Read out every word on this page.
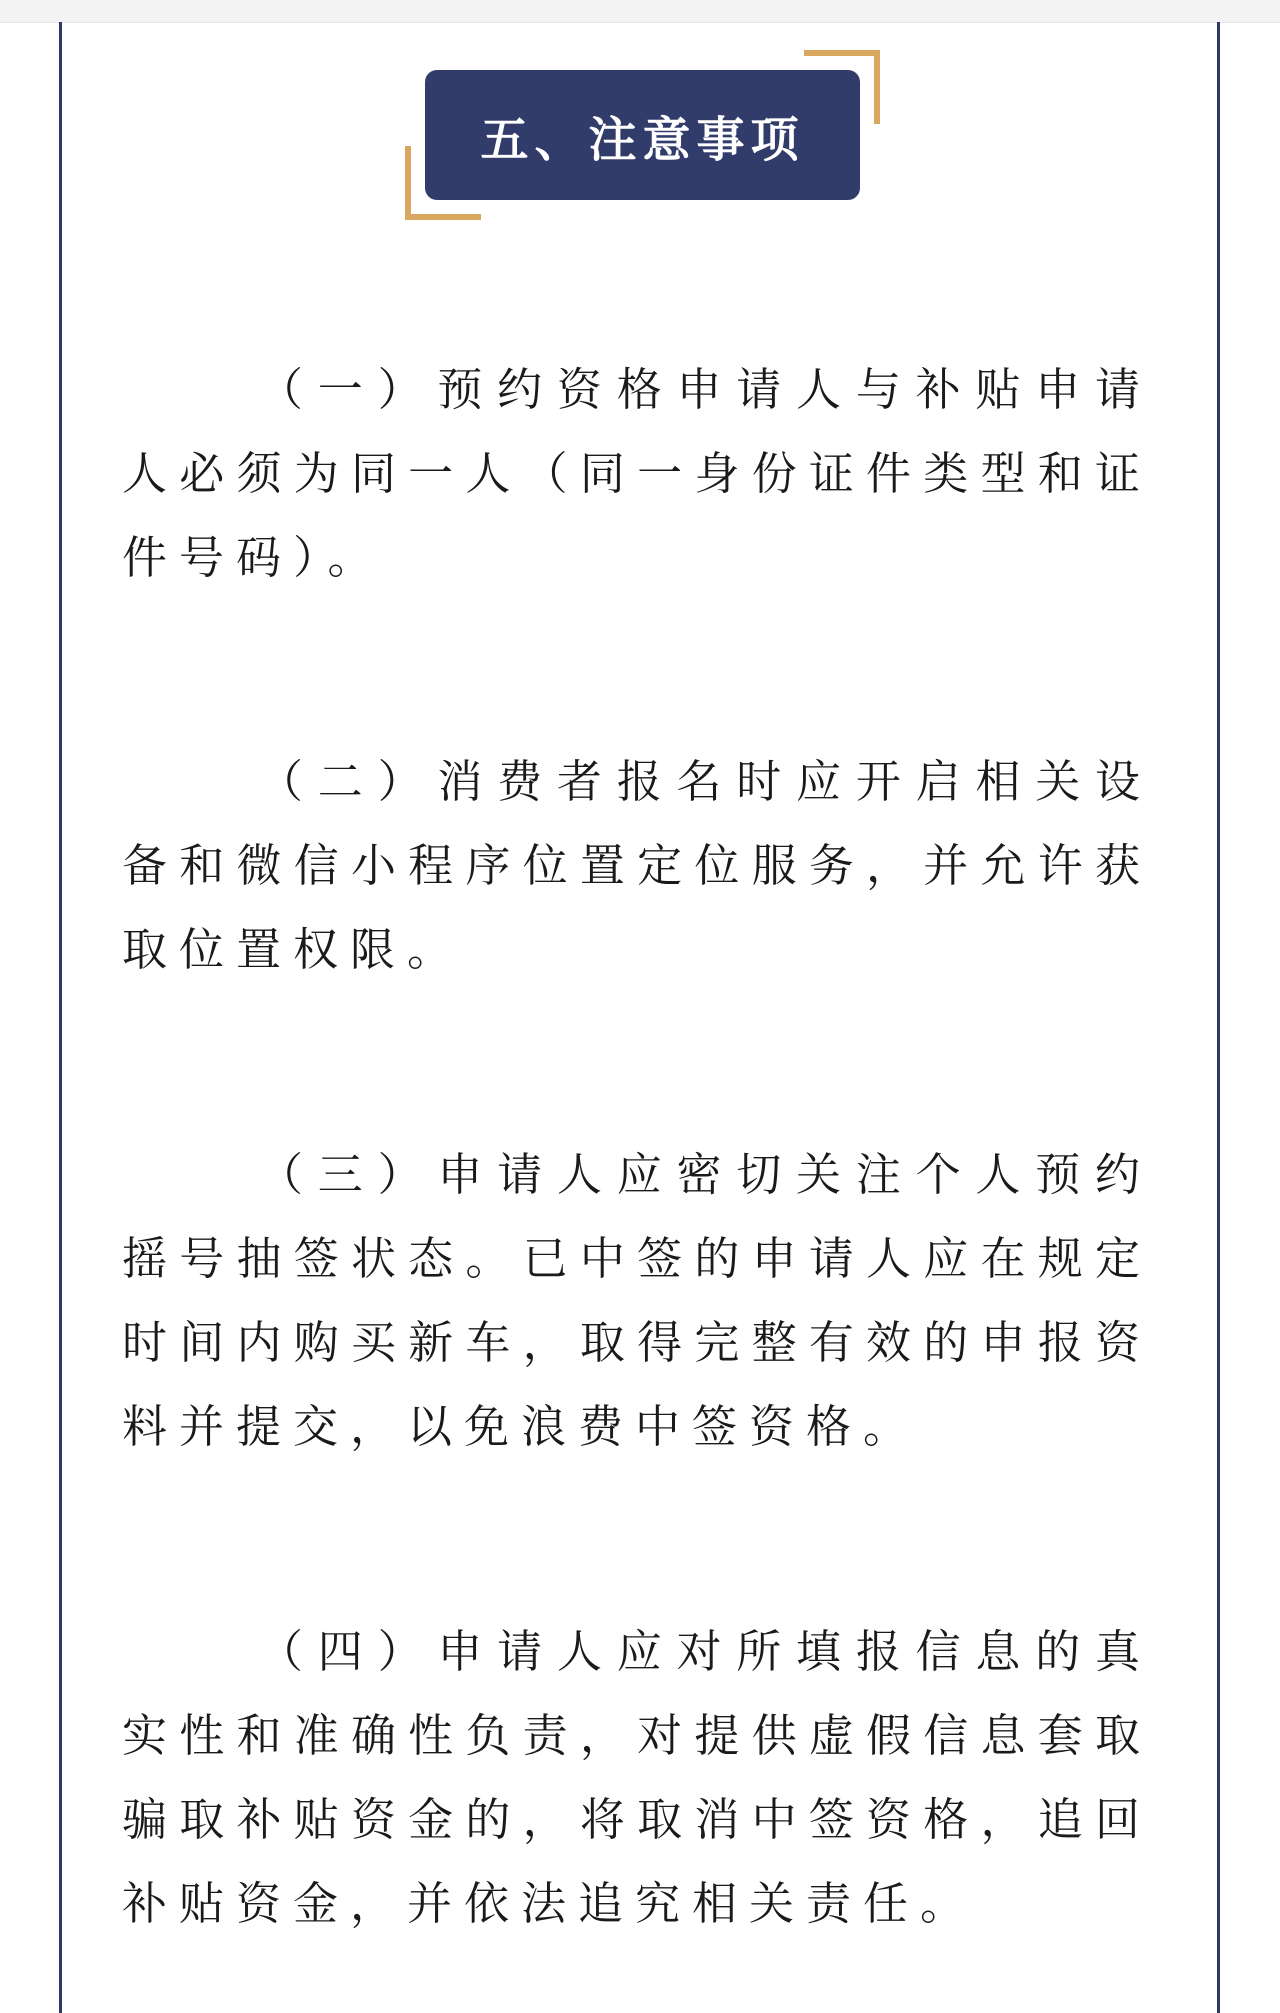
五、注意事项

（一）预约资格申请人与补贴申请人必须为同一人（同一身份证件类型和证件号码）。

（二）消费者报名时应开启相关设备和微信小程序位置定位服务，并允许获取位置权限。

（三）申请人应密切关注个人预约摇号抽签状态。已中签的申请人应在规定时间内购买新车，取得完整有效的申报资料并提交，以免浪费中签资格。

（四）申请人应对所填报信息的真实性和准确性负责，对提供虚假信息套取骗取补贴资金的，将取消中签资格，追回补贴资金，并依法追究相关责任。
